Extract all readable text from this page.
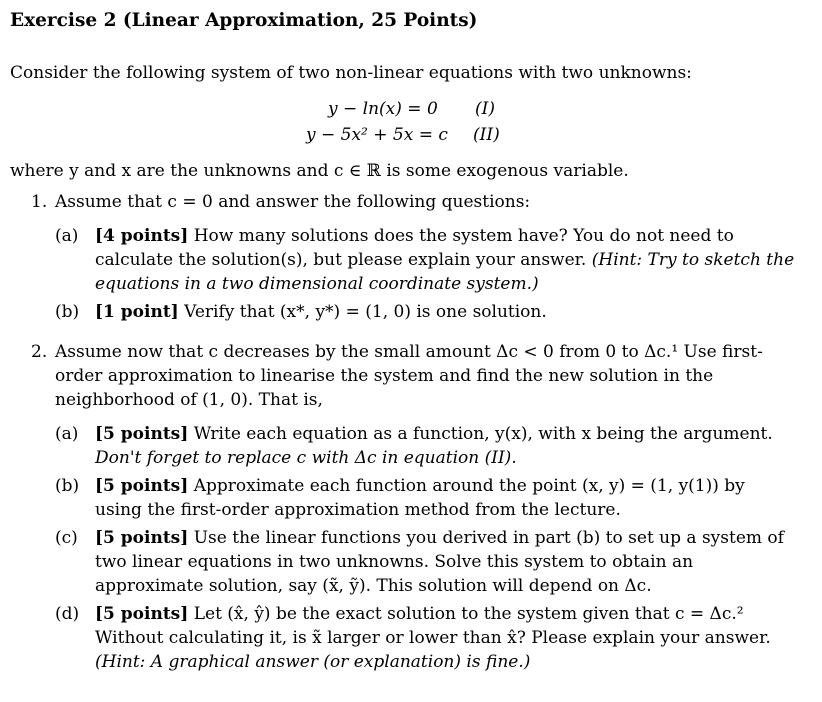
Exercise 2 (Linear Approximation, 25 Points)
Consider the following system of two non-linear equations with two unknowns:
y − ln(x) = 0 (I)
y − 5x² + 5x = c (II)
where y and x are the unknowns and c ∈ ℝ is some exogenous variable.
1. Assume that c = 0 and answer the following questions:
(a) [4 points] How many solutions does the system have? You do not need to calculate the solution(s), but please explain your answer. (Hint: Try to sketch the equations in a two dimensional coordinate system.)
(b) [1 point] Verify that (x*, y*) = (1, 0) is one solution.
2. Assume now that c decreases by the small amount Δc < 0 from 0 to Δc.¹ Use first-order approximation to linearise the system and find the new solution in the neighborhood of (1, 0). That is,
(a) [5 points] Write each equation as a function, y(x), with x being the argument. Don't forget to replace c with Δc in equation (II).
(b) [5 points] Approximate each function around the point (x, y) = (1, y(1)) by using the first-order approximation method from the lecture.
(c) [5 points] Use the linear functions you derived in part (b) to set up a system of two linear equations in two unknowns. Solve this system to obtain an approximate solution, say (x̃, ỹ). This solution will depend on Δc.
(d) [5 points] Let (x̂, ŷ) be the exact solution to the system given that c = Δc.² Without calculating it, is x̃ larger or lower than x̂? Please explain your answer. (Hint: A graphical answer (or explanation) is fine.)
